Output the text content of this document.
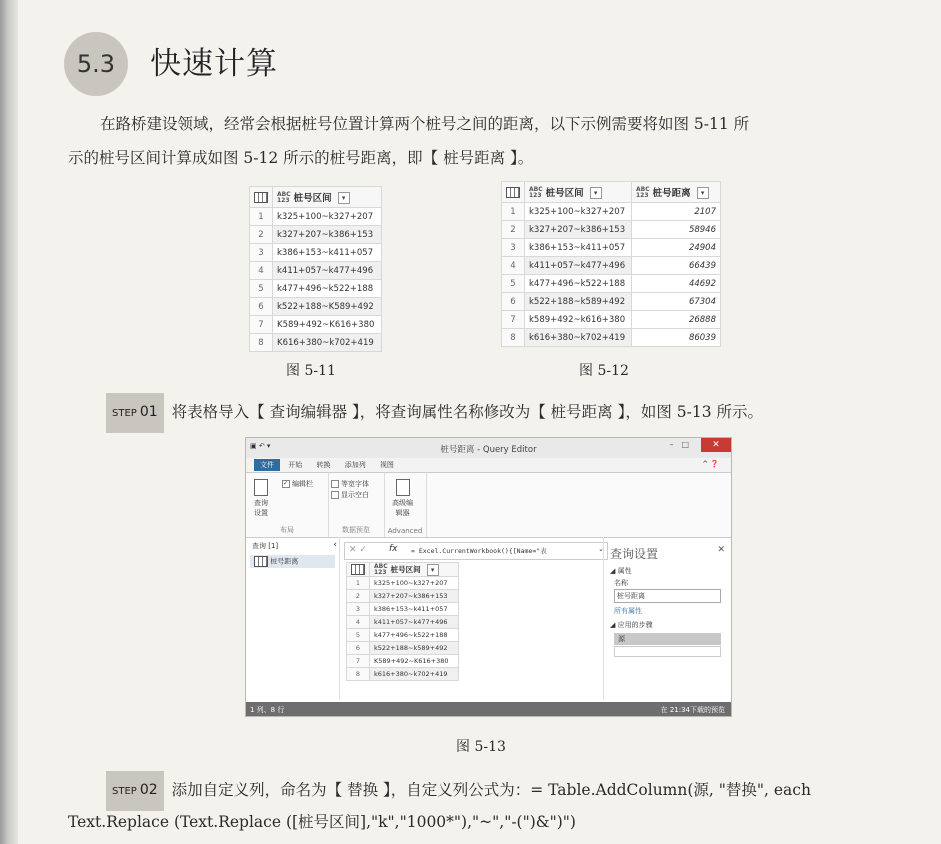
5.3 快速计算
在路桥建设领域，经常会根据桩号位置计算两个桩号之间的距离，以下示例需要将如图 5-11 所
示的桩号区间计算成如图 5-12 所示的桩号距离，即【 桩号距离 】。
	ABC
123 桩号区间 ▾
1	k325+100~k327+207
2	k327+207~k386+153
3	k386+153~k411+057
4	k411+057~k477+496
5	k477+496~k522+188
6	k522+188~K589+492
7	K589+492~K616+380
8	K616+380~k702+419
图 5-11
	ABC
123 桩号区间 ▾	ABC
123 桩号距离 ▾
1	k325+100~k327+207	2107
2	k327+207~k386+153	58946
3	k386+153~k411+057	24904
4	k411+057~k477+496	66439
5	k477+496~k522+188	44692
6	k522+188~k589+492	67304
7	k589+492~k616+380	26888
8	k616+380~k702+419	86039
图 5-12
STEP 01 将表格导入【 查询编辑器 】，将查询属性名称修改为【 桩号距离 】，如图 5-13 所示。
▣ ↶ ▾	桩号距离 - Query Editor
–□	✕
文件 开始 转换 添加列 视图	^ ❓

查询
设置
✓ 编辑栏
布局
等宽字体
显示空白
数据预览

高级编
辑器
Advanced
查询 [1]
桩号距离
‹ ✕ ✓ fx = Excel.CurrentWorkbook(){[Name="表	⌄
	ABC
123 桩号区间 ▾
1	k325+100~k327+207
2	k327+207~k386+153
3	k386+153~k411+057
4	k411+057~k477+496
5	k477+496~k522+188
6	k522+188~k589+492
7	K589+492~K616+380
8	k616+380~k702+419
查询设置	✕
◢ 属性
名称
桩号距离
所有属性
◢ 应用的步骤
源
1 列、8 行	在 21:34下载的预览
图 5-13
STEP 02 添加自定义列，命名为【 替换 】，自定义列公式为：= Table.AddColumn(源, "替换", each
Text.Replace (Text.Replace ([桩号区间],"k","1000*"),"~","-(")&")")
